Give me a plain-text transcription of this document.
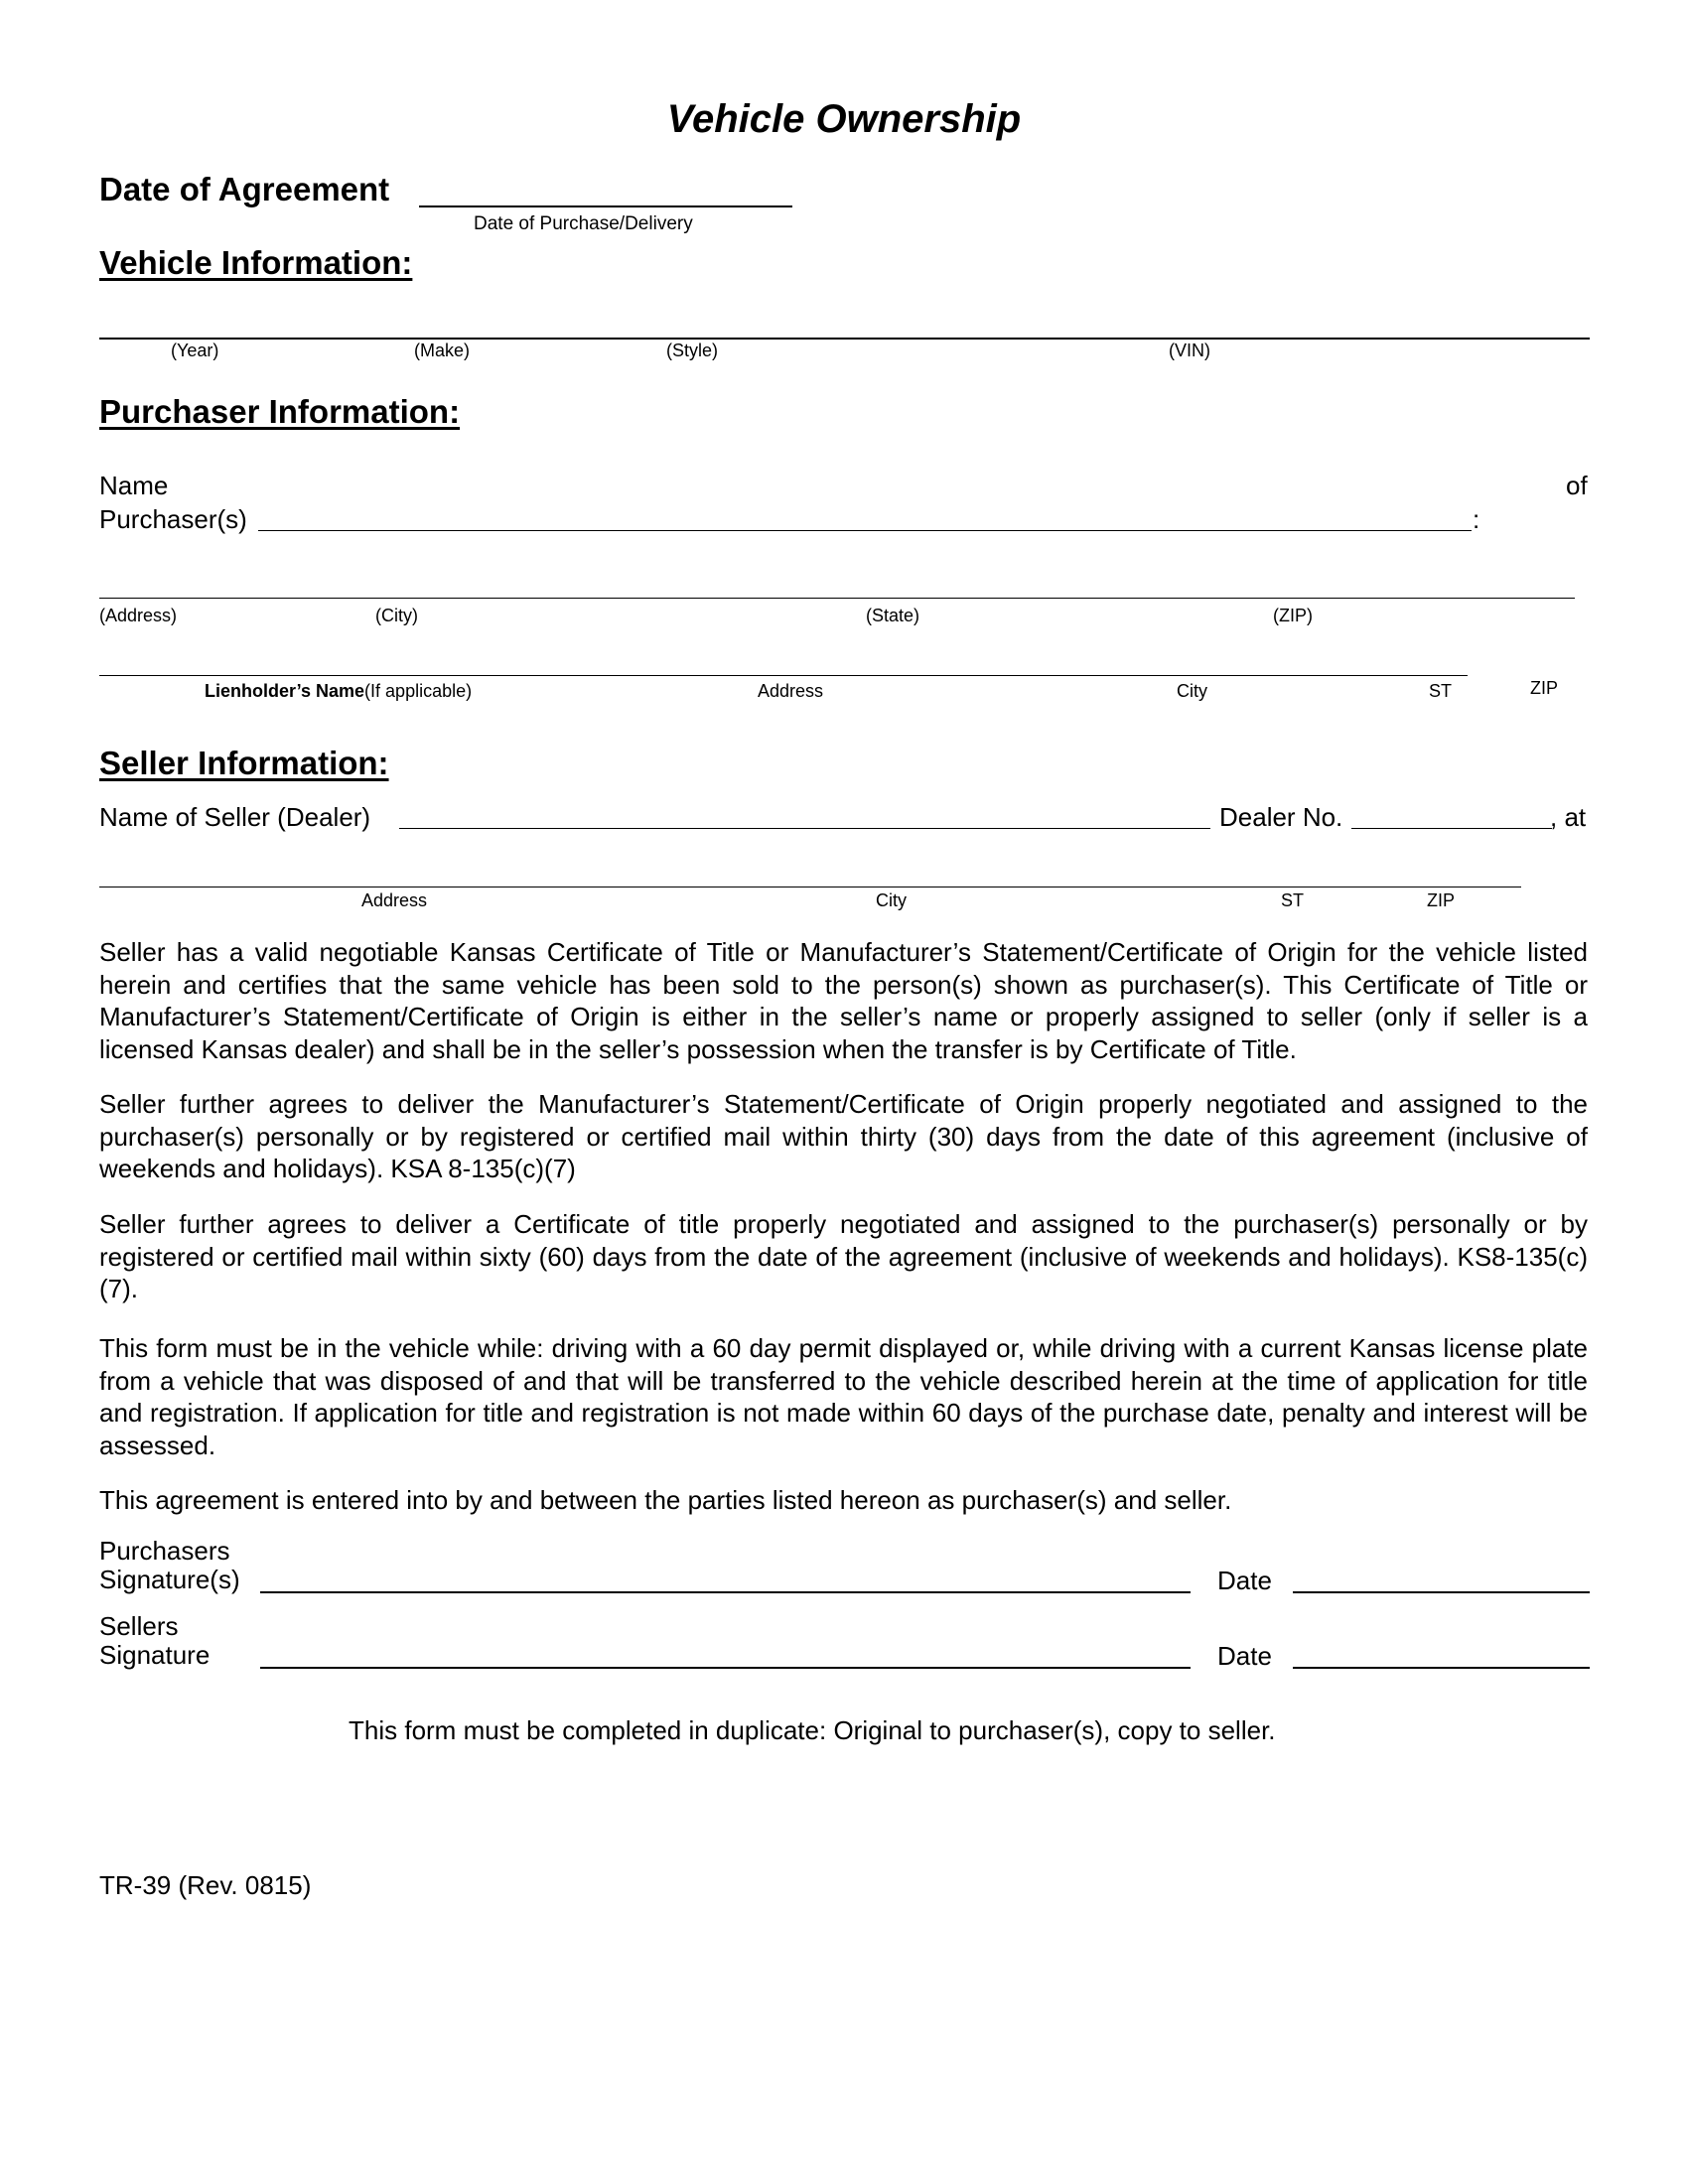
Vehicle Ownership
Date of Agreement
Date of Purchase/Delivery
Vehicle Information:
(Year)	(Make)	(Style)	(VIN)
Purchaser Information:
Name	of
Purchaser(s)	:
(Address)	(City)	(State)	(ZIP)
Lienholder’s Name(If applicable)	Address	City	ST	ZIP
Seller Information:
Name of Seller (Dealer)	Dealer No.	, at
Address	City	ST	ZIP

Seller has a valid negotiable Kansas Certificate of Title or Manufacturer’s Statement/Certificate of Origin for the vehicle listed herein and certifies that the same vehicle has been sold to the person(s) shown as purchaser(s). This Certificate of Title or Manufacturer’s Statement/Certificate of Origin is either in the seller’s name or properly assigned to seller (only if seller is a licensed Kansas dealer) and shall be in the seller’s possession when the transfer is by Certificate of Title.

Seller further agrees to deliver the Manufacturer’s Statement/Certificate of Origin properly negotiated and assigned to the purchaser(s) personally or by registered or certified mail within thirty (30) days from the date of this agreement (inclusive of weekends and holidays). KSA 8-135(c)(7)

Seller further agrees to deliver a Certificate of title properly negotiated and assigned to the purchaser(s) personally or by registered or certified mail within sixty (60) days from the date of the agreement (inclusive of weekends and holidays). KS8-135(c) (7).

This form must be in the vehicle while: driving with a 60 day permit displayed or, while driving with a current Kansas license plate from a vehicle that was disposed of and that will be transferred to the vehicle described herein at the time of application for title and registration. If application for title and registration is not made within 60 days of the purchase date, penalty and interest will be assessed.

This agreement is entered into by and between the parties listed hereon as purchaser(s) and seller.

Purchasers
Signature(s)	Date
Sellers
Signature	Date
This form must be completed in duplicate: Original to purchaser(s), copy to seller.
TR-39 (Rev. 0815)
